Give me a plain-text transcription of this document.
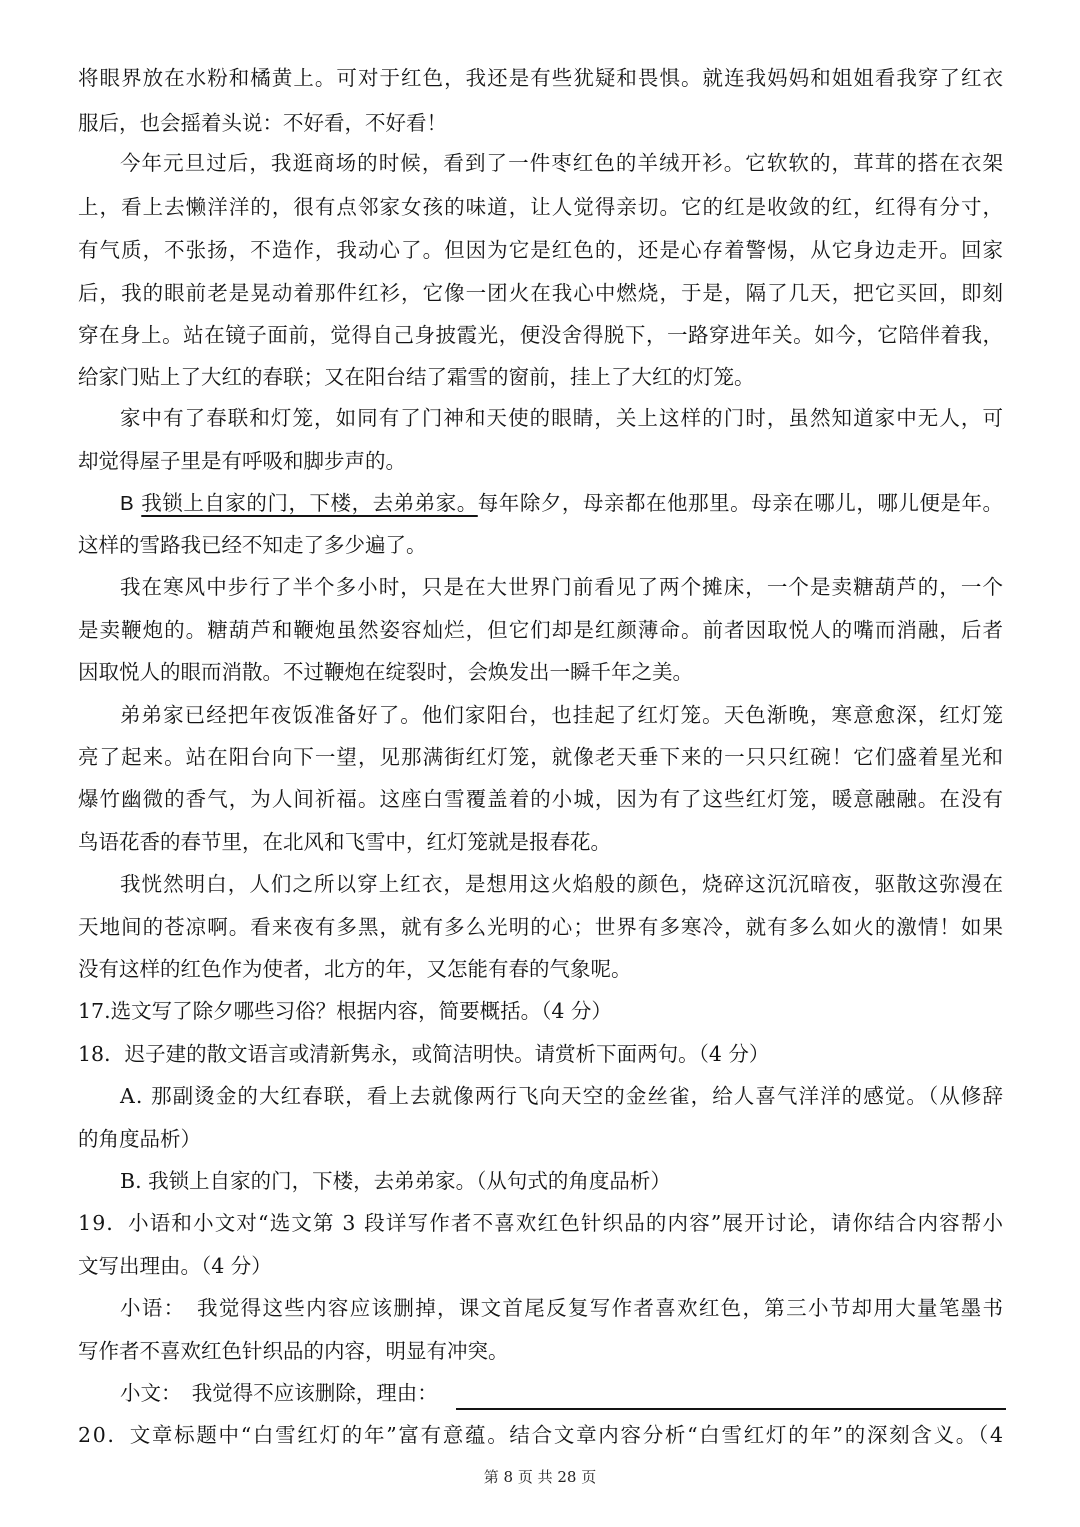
将眼界放在水粉和橘黄上。可对于红色，我还是有些犹疑和畏惧。就连我妈妈和姐姐看我穿了红衣
服后，也会摇着头说：不好看，不好看！
今年元旦过后，我逛商场的时候，看到了一件枣红色的羊绒开衫。它软软的，茸茸的搭在衣架
上，看上去懒洋洋的，很有点邻家女孩的味道，让人觉得亲切。它的红是收敛的红，红得有分寸，
有气质，不张扬，不造作，我动心了。但因为它是红色的，还是心存着警惕，从它身边走开。回家
后，我的眼前老是晃动着那件红衫，它像一团火在我心中燃烧，于是，隔了几天，把它买回，即刻
穿在身上。站在镜子面前，觉得自己身披霞光，便没舍得脱下，一路穿进年关。如今，它陪伴着我，
给家门贴上了大红的春联；又在阳台结了霜雪的窗前，挂上了大红的灯笼。
家中有了春联和灯笼，如同有了门神和天使的眼睛，关上这样的门时，虽然知道家中无人，可
却觉得屋子里是有呼吸和脚步声的。
B 我锁上自家的门，下楼，去弟弟家。每年除夕，母亲都在他那里。母亲在哪儿，哪儿便是年。
这样的雪路我已经不知走了多少遍了。
我在寒风中步行了半个多小时，只是在大世界门前看见了两个摊床，一个是卖糖葫芦的，一个
是卖鞭炮的。糖葫芦和鞭炮虽然姿容灿烂，但它们却是红颜薄命。前者因取悦人的嘴而消融，后者
因取悦人的眼而消散。不过鞭炮在绽裂时，会焕发出一瞬千年之美。
弟弟家已经把年夜饭准备好了。他们家阳台，也挂起了红灯笼。天色渐晚，寒意愈深，红灯笼
亮了起来。站在阳台向下一望，见那满街红灯笼，就像老天垂下来的一只只红碗！它们盛着星光和
爆竹幽微的香气，为人间祈福。这座白雪覆盖着的小城，因为有了这些红灯笼，暖意融融。在没有
鸟语花香的春节里，在北风和飞雪中，红灯笼就是报春花。
我恍然明白，人们之所以穿上红衣，是想用这火焰般的颜色，烧碎这沉沉暗夜，驱散这弥漫在
天地间的苍凉啊。看来夜有多黑，就有多么光明的心；世界有多寒冷，就有多么如火的激情！如果
没有这样的红色作为使者，北方的年，又怎能有春的气象呢。
17.选文写了除夕哪些习俗？根据内容，简要概括。（4 分）
18．迟子建的散文语言或清新隽永，或简洁明快。请赏析下面两句。（4 分）
A. 那副烫金的大红春联，看上去就像两行飞向天空的金丝雀，给人喜气洋洋的感觉。（从修辞
的角度品析）
B. 我锁上自家的门，下楼，去弟弟家。（从句式的角度品析）
19．小语和小文对“选文第 3 段详写作者不喜欢红色针织品的内容”展开讨论，请你结合内容帮小
文写出理由。（4 分）
小语：　我觉得这些内容应该删掉，课文首尾反复写作者喜欢红色，第三小节却用大量笔墨书
写作者不喜欢红色针织品的内容，明显有冲突。
小文：　我觉得不应该删除，理由：
20．文章标题中“白雪红灯的年”富有意蕴。结合文章内容分析“白雪红灯的年”的深刻含义。（4
第 8 页 共 28 页
